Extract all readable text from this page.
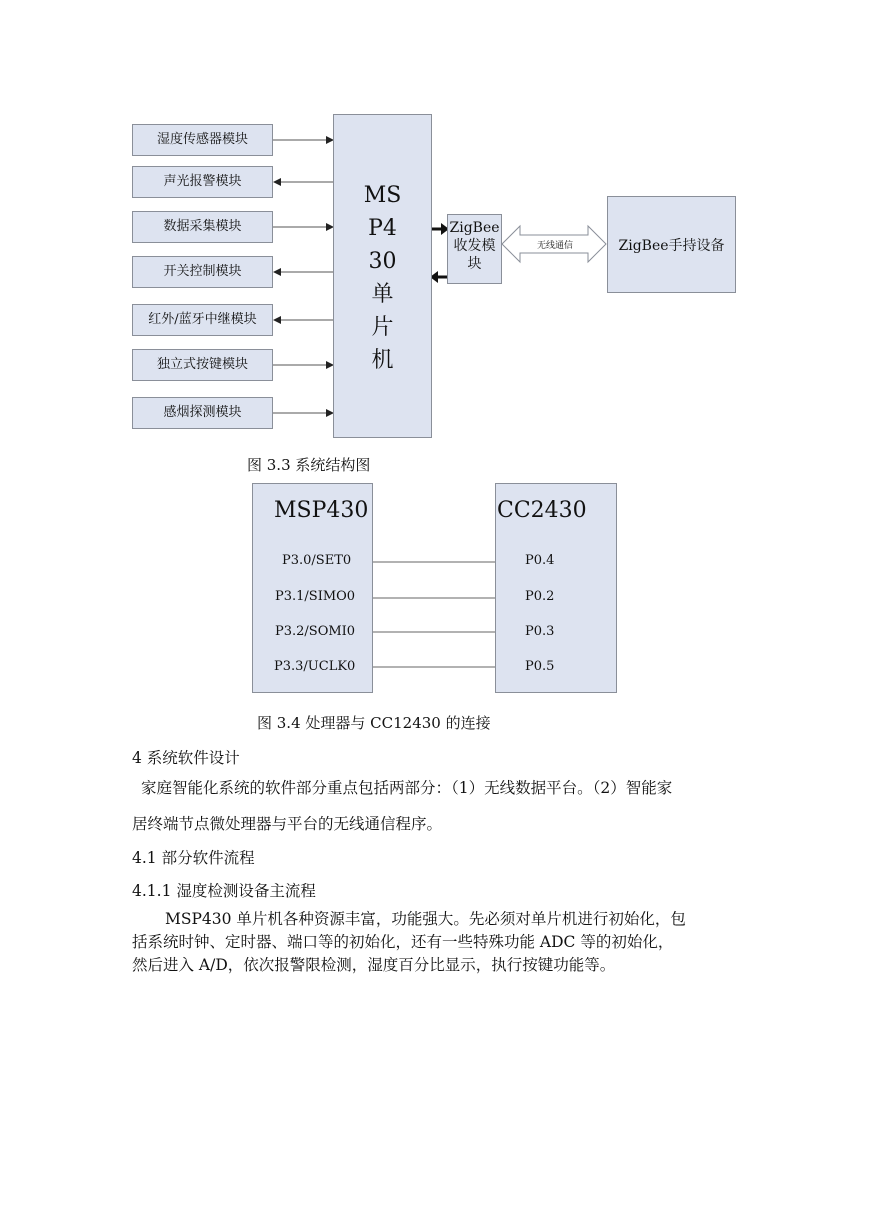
湿度传感器模块
声光报警模块
数据采集模块
开关控制模块
红外/蓝牙中继模块
独立式按键模块
感烟探测模块
MS
P4
30
单
片
机
ZigBee
收发模
块
无线通信	ZigBee手持设备
图 3.3 系统结构图
MSP430	CC2430
P3.0/SET0
P3.1/SIMO0
P3.2/SOMI0
P3.3/UCLK0
P0.4
P0.2
P0.3
P0.5
图 3.4 处理器与 CC12430 的连接
4 系统软件设计
家庭智能化系统的软件部分重点包括两部分：（1）无线数据平台。（2）智能家
居终端节点微处理器与平台的无线通信程序。
4.1 部分软件流程
4.1.1 湿度检测设备主流程
MSP430 单片机各种资源丰富，功能强大。先必须对单片机进行初始化，包
括系统时钟、定时器、端口等的初始化，还有一些特殊功能 ADC 等的初始化，
然后进入 A/D，依次报警限检测，湿度百分比显示，执行按键功能等。
